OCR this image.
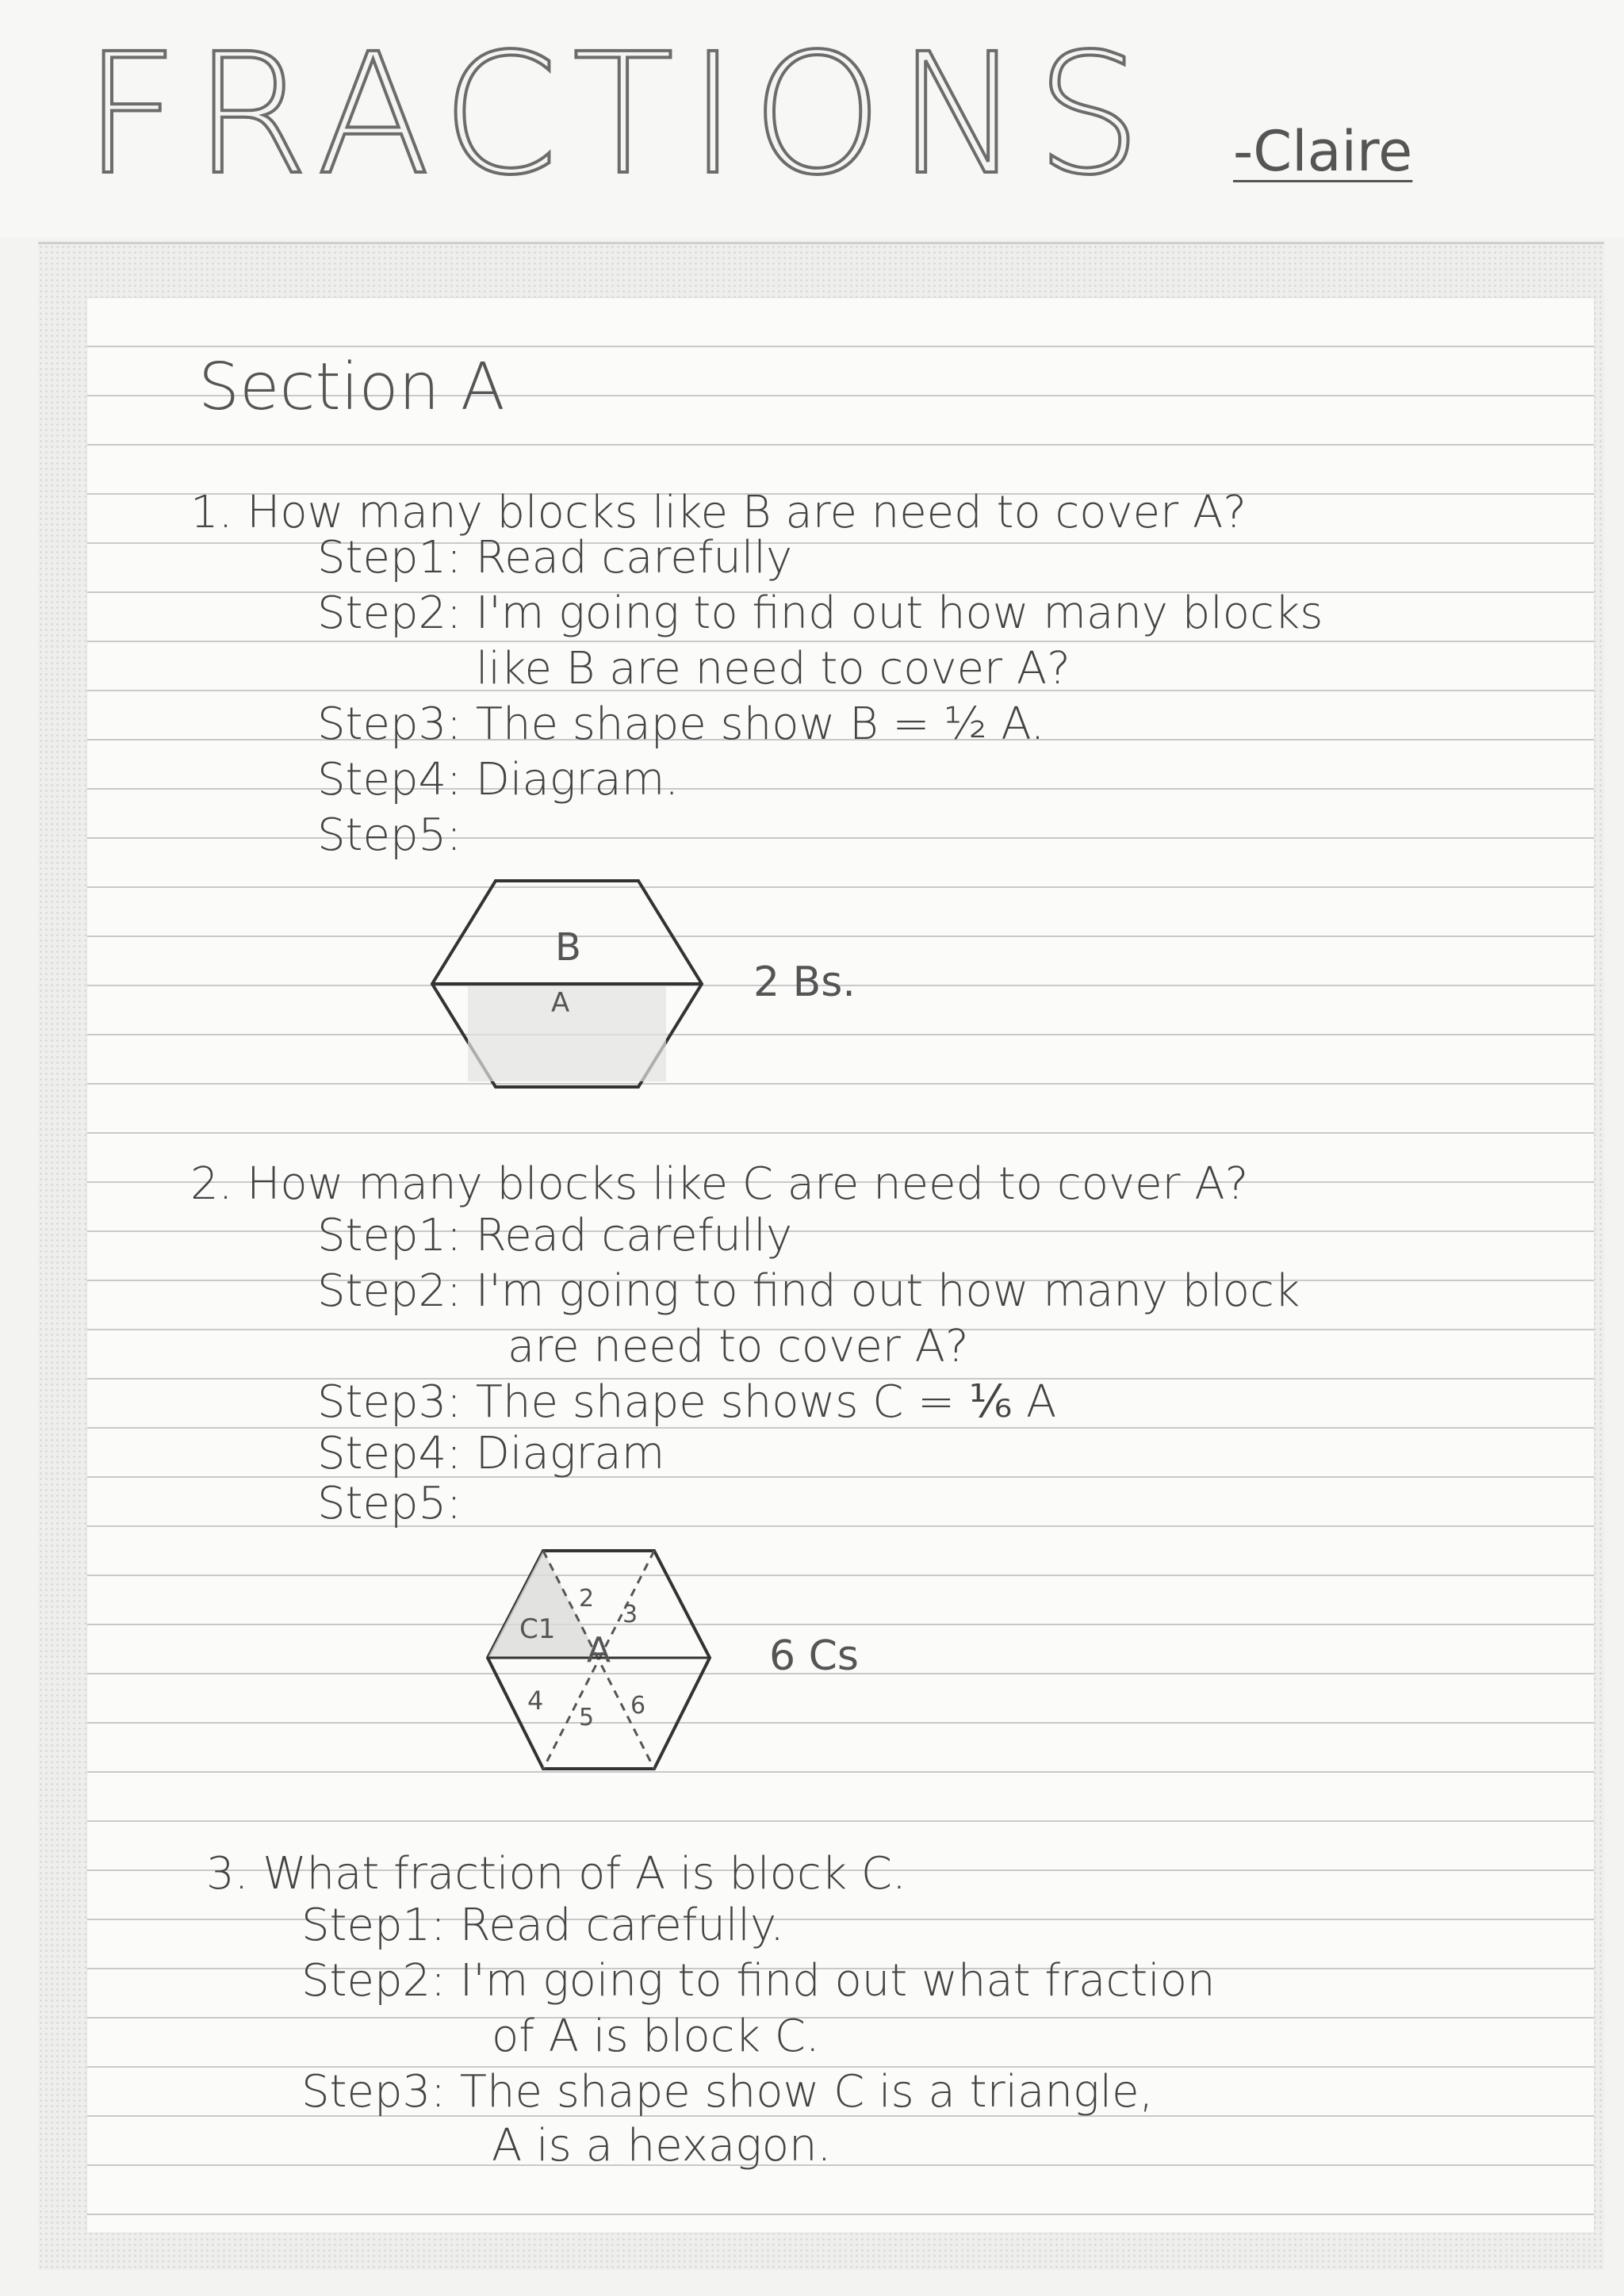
FRACTIONS -Claire
Section A
1. How many blocks like B are need to cover A?
Step1: Read carefully
Step2: I'm going to find out how many blocks
like B are need to cover A?
Step3: The shape show B = ½ A.
Step4: Diagram.
Step5:
B
A	2 Bs.
2. How many blocks like C are need to cover A?
Step1: Read carefully
Step2: I'm going to find out how many block
are need to cover A?
Step3: The shape shows C = ⅙ A
Step4: Diagram
Step5:
C1
2
3
A
4
5 6
6 Cs
3. What fraction of A is block C.
Step1: Read carefully.
Step2: I'm going to find out what fraction
of A is block C.
Step3: The shape show C is a triangle,
A is a hexagon.
